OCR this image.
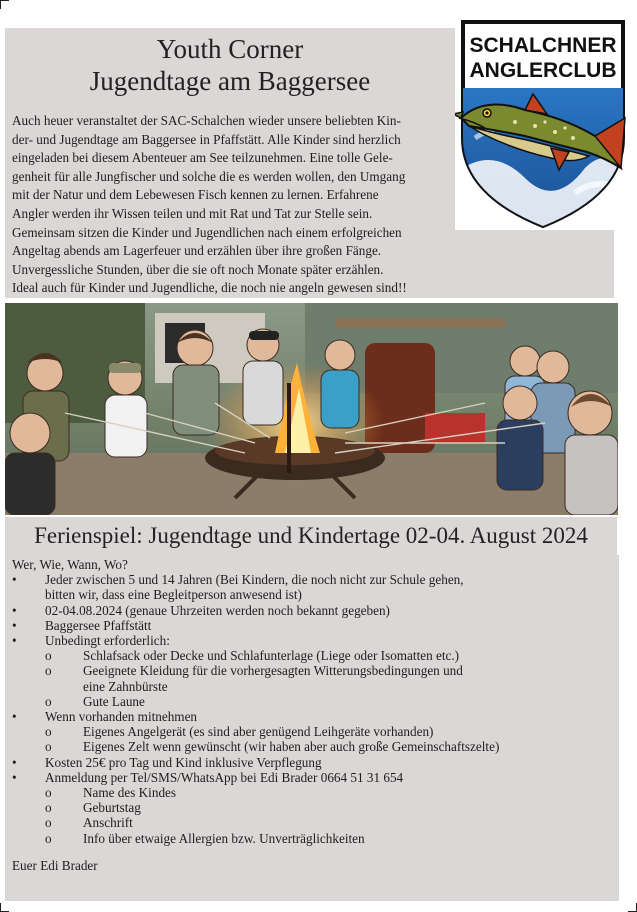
Youth Corner
Jugendtage am Baggersee
Auch heuer veranstaltet der SAC-Schalchen wieder unsere beliebten Kin-
der- und Jugendtage am Baggersee in Pfaffstätt. Alle Kinder sind herzlich
eingeladen bei diesem Abenteuer am See teilzunehmen. Eine tolle Gele-
genheit für alle Jungfischer und solche die es werden wollen, den Umgang
mit der Natur und dem Lebewesen Fisch kennen zu lernen. Erfahrene
Angler werden ihr Wissen teilen und mit Rat und Tat zur Stelle sein.
Gemeinsam sitzen die Kinder und Jugendlichen nach einem erfolgreichen
Angeltag abends am Lagerfeuer und erzählen über ihre großen Fänge.
Unvergessliche Stunden, über die sie oft noch Monate später erzählen.
Ideal auch für Kinder und Jugendliche, die noch nie angeln gewesen sind!!
SCHALCHNER
ANGLERCLUB
Ferienspiel: Jugendtage und Kindertage 02-04. August 2024
Wer, Wie, Wann, Wo?
•	Jeder zwischen 5 und 14 Jahren (Bei Kindern, die noch nicht zur Schule gehen,
bitten wir, dass eine Begleitperson anwesend ist)
•	02-04.08.2024 (genaue Uhrzeiten werden noch bekannt gegeben)
•	Baggersee Pfaffstätt
•	Unbedingt erforderlich:
o Schlafsack oder Decke und Schlafunterlage (Liege oder Isomatten etc.)
o Geeignete Kleidung für die vorhergesagten Witterungsbedingungen und
eine Zahnbürste
o Gute Laune
•	Wenn vorhanden mitnehmen
o Eigenes Angelgerät (es sind aber genügend Leihgeräte vorhanden)
o Eigenes Zelt wenn gewünscht (wir haben aber auch große Gemeinschaftszelte)
•	Kosten 25€ pro Tag und Kind inklusive Verpflegung
•	Anmeldung per Tel/SMS/WhatsApp bei Edi Brader 0664 51 31 654
o Name des Kindes
o Geburtstag
o Anschrift
o Info über etwaige Allergien bzw. Unverträglichkeiten
Euer Edi Brader
